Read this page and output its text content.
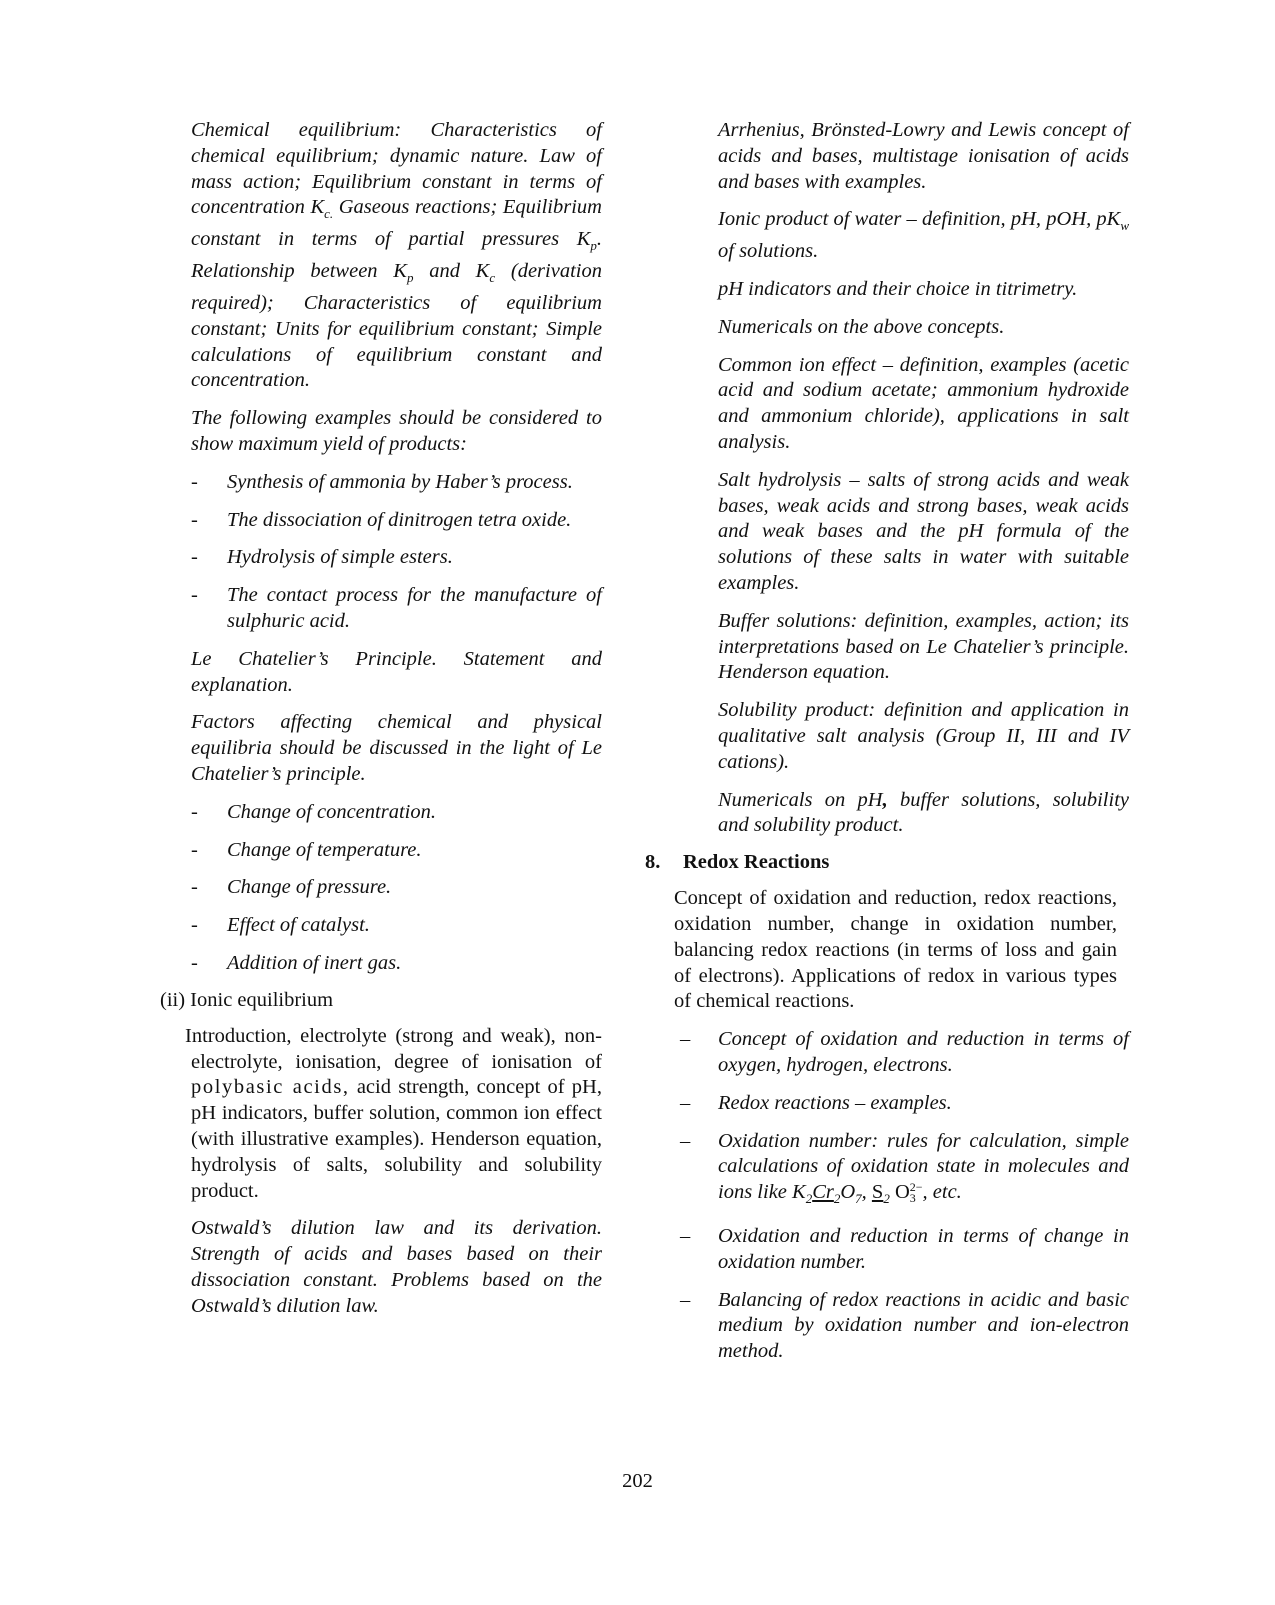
Chemical equilibrium: Characteristics of chemical equilibrium; dynamic nature. Law of mass action; Equilibrium constant in terms of concentration $K_{c.}$ Gaseous reactions; Equilibrium constant in terms of partial pressures $K_p$. Relationship between $K_p$ and $K_c$ (derivation required); Characteristics of equilibrium constant; Units for equilibrium constant; Simple calculations of equilibrium constant and concentration.

The following examples should be considered to show maximum yield of products:

- Synthesis of ammonia by Haber’s process.

- The dissociation of dinitrogen tetra oxide.

- Hydrolysis of simple esters.

- The contact process for the manufacture of sulphuric acid.

Le Chatelier’s Principle. Statement and explanation.

Factors affecting chemical and physical equilibria should be discussed in the light of Le Chatelier’s principle.

- Change of concentration.

- Change of temperature.

- Change of pressure.

- Effect of catalyst.

- Addition of inert gas.

(ii) Ionic equilibrium

Introduction, electrolyte (strong and weak), non-electrolyte, ionisation, degree of ionisation of polybasic acids, acid strength, concept of pH, pH indicators, buffer solution, common ion effect (with illustrative examples). Henderson equation, hydrolysis of salts, solubility and solubility product.

Ostwald’s dilution law and its derivation. Strength of acids and bases based on their dissociation constant. Problems based on the Ostwald’s dilution law.

Arrhenius, Brönsted-Lowry and Lewis concept of acids and bases, multistage ionisation of acids and bases with examples.

Ionic product of water – definition, pH, pOH, $pK_w$ of solutions.

pH indicators and their choice in titrimetry.

Numericals on the above concepts.

Common ion effect – definition, examples (acetic acid and sodium acetate; ammonium hydroxide and ammonium chloride), applications in salt analysis.

Salt hydrolysis – salts of strong acids and weak bases, weak acids and strong bases, weak acids and weak bases and the pH formula of the solutions of these salts in water with suitable examples.

Buffer solutions: definition, examples, action; its interpretations based on Le Chatelier’s principle. Henderson equation.

Solubility product: definition and application in qualitative salt analysis (Group II, III and IV cations).

Numericals on pH, buffer solutions, solubility and solubility product.

8. Redox Reactions

Concept of oxidation and reduction, redox reactions, oxidation number, change in oxidation number, balancing redox reactions (in terms of loss and gain of electrons). Applications of redox in various types of chemical reactions.

– Concept of oxidation and reduction in terms of oxygen, hydrogen, electrons.

– Redox reactions – examples.

– Oxidation number: rules for calculation, simple calculations of oxidation state in molecules and ions like $K_2Cr_2O_7$, $S_2$ O 2−
3 , etc.

– Oxidation and reduction in terms of change in oxidation number.

– Balancing of redox reactions in acidic and basic medium by oxidation number and ion-electron method.

202
